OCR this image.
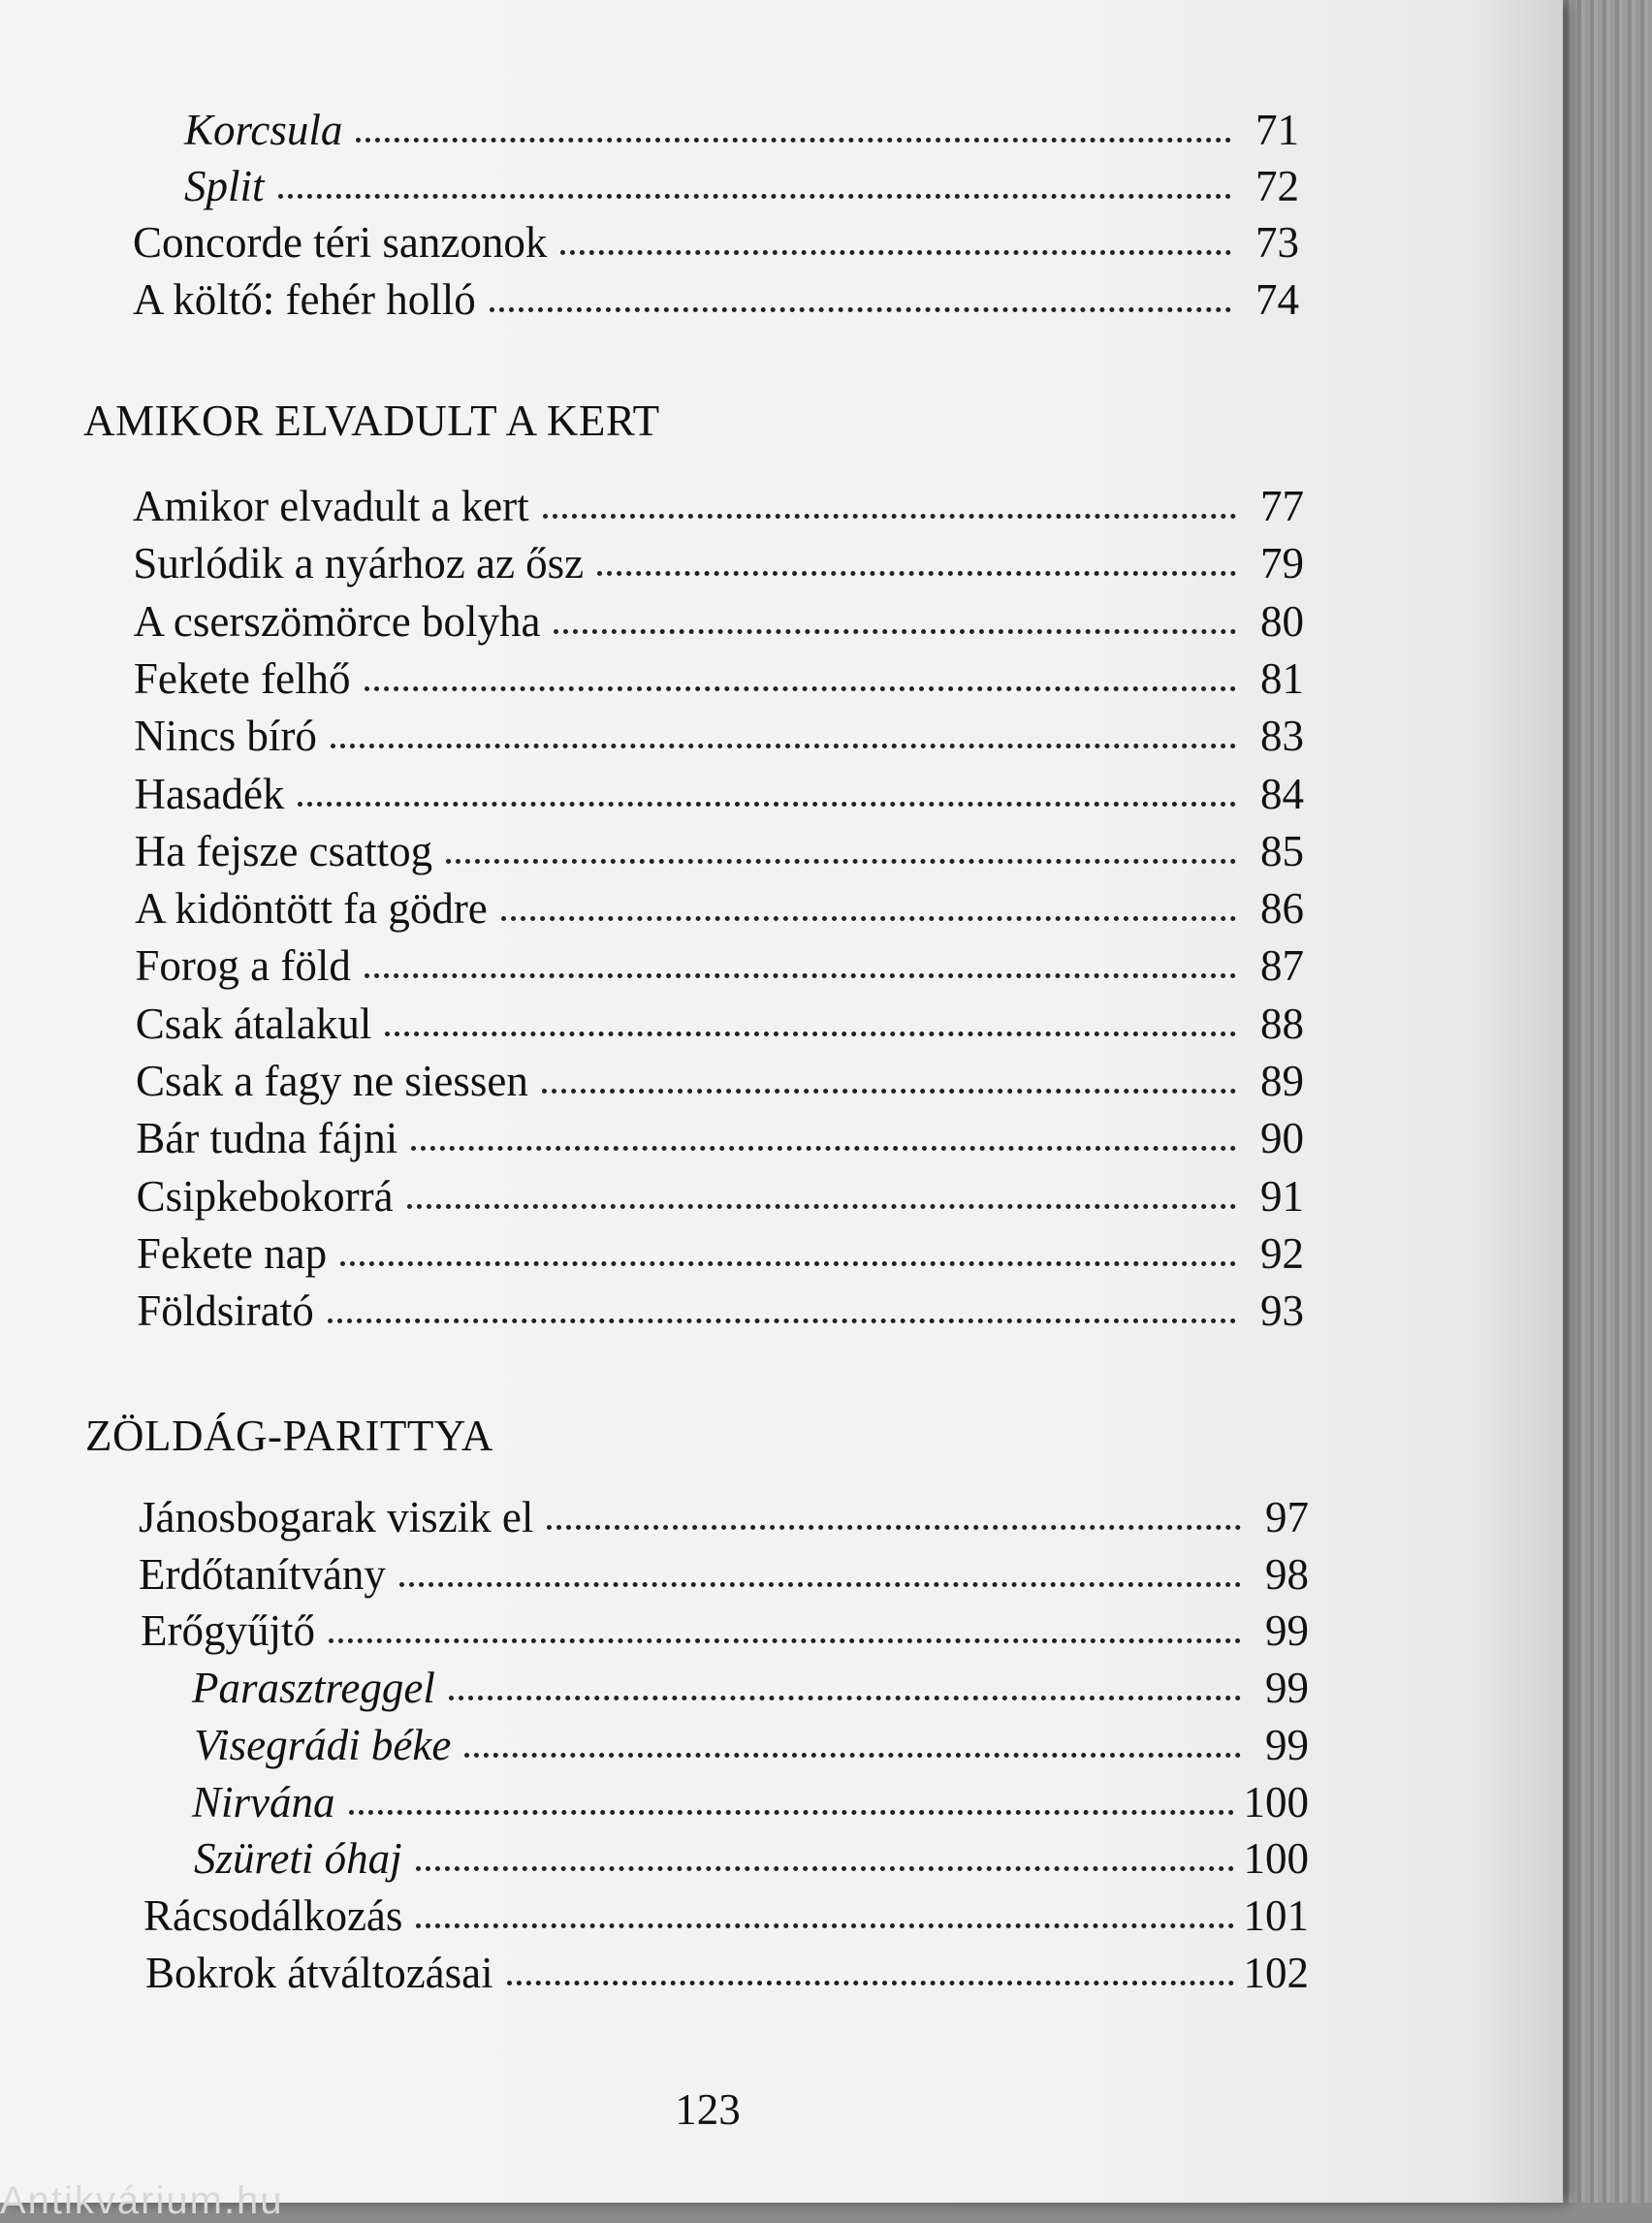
Korcsula	71
Split	72
Concorde téri sanzonok	73
A költő: fehér holló	74
AMIKOR ELVADULT A KERT
Amikor elvadult a kert	77
Surlódik a nyárhoz az ősz	79
A cserszömörce bolyha	80
Fekete felhő	81
Nincs bíró	83
Hasadék	84
Ha fejsze csattog	85
A kidöntött fa gödre	86
Forog a föld	87
Csak átalakul	88
Csak a fagy ne siessen	89
Bár tudna fájni	90
Csipkebokorrá	91
Fekete nap	92
Földsirató	93
ZÖLDÁG-PARITTYA
Jánosbogarak viszik el	97
Erdőtanítvány	98
Erőgyűjtő	99
Parasztreggel	99
Visegrádi béke	99
Nirvána	100
Szüreti óhaj	100
Rácsodálkozás	101
Bokrok átváltozásai	102
123
Antikvárium.hu
